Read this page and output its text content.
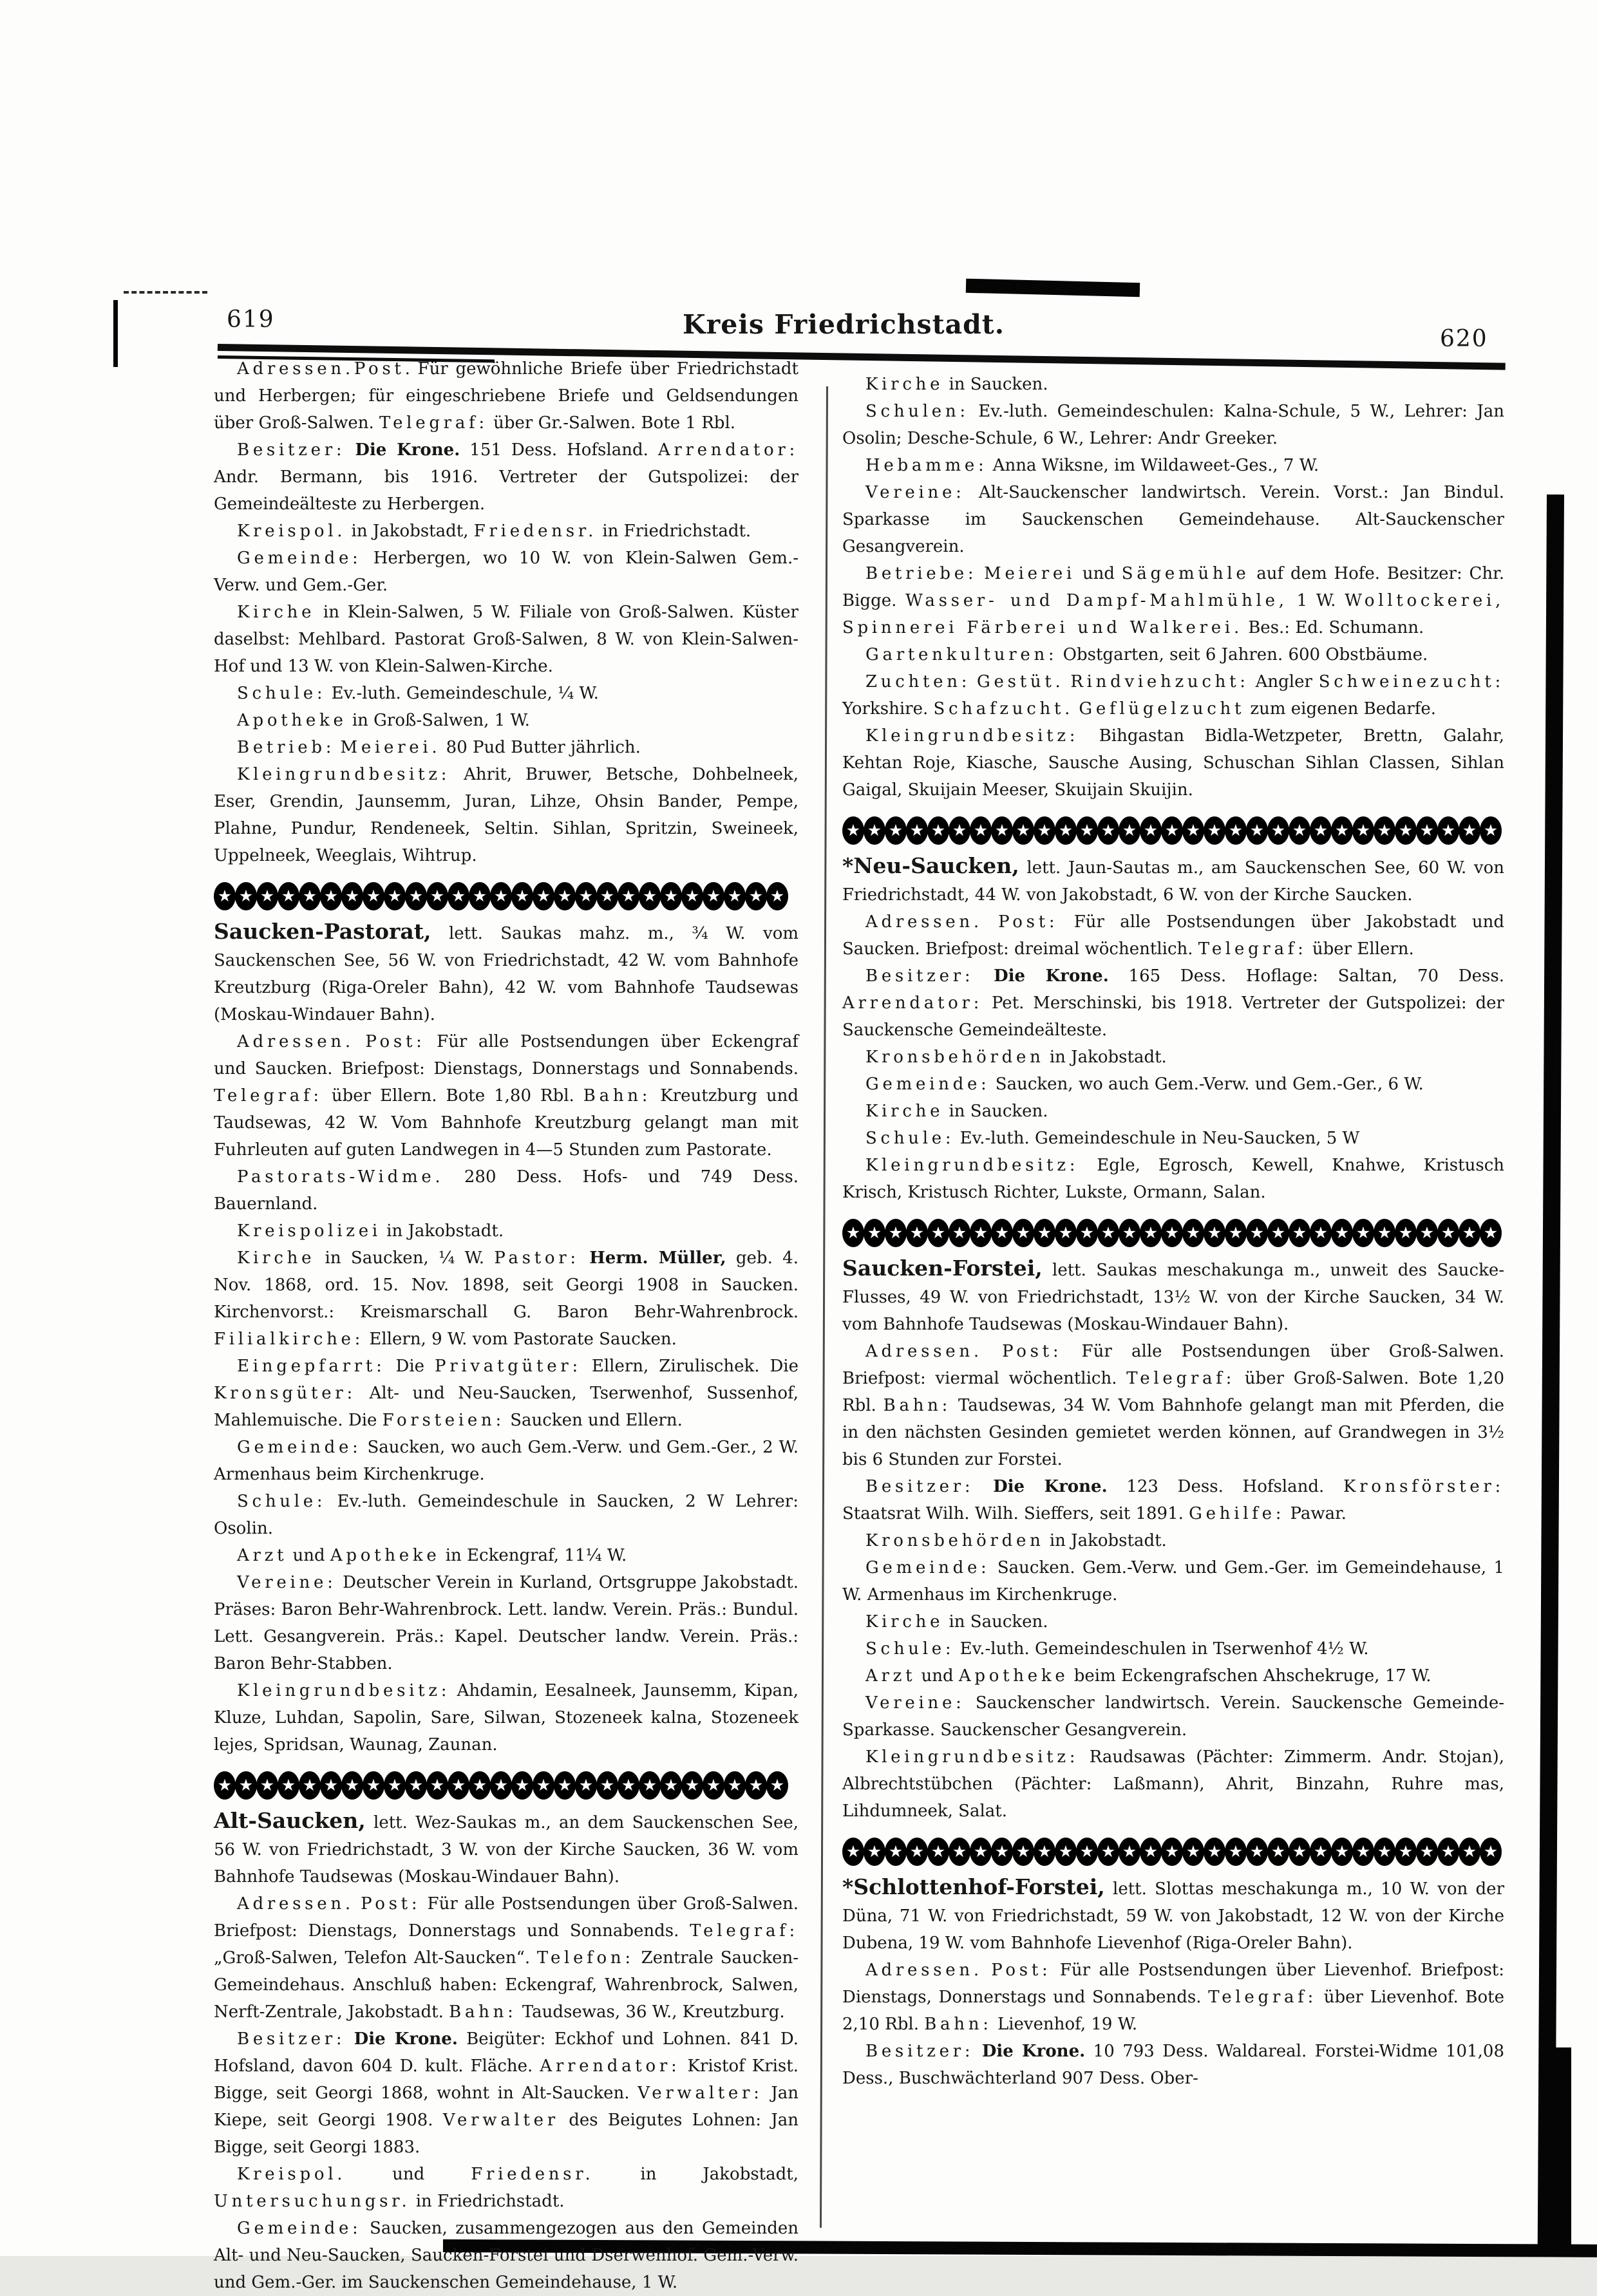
619	Kreis Friedrichstadt.	620

Adressen.Post. Für gewöhnliche Briefe über Friedrichstadt und Herbergen; für eingeschriebene Briefe und Geldsendungen über Groß-Salwen. Telegraf: über Gr.-Salwen. Bote 1 Rbl.

Besitzer: Die Krone. 151 Dess. Hofsland. Arrendator: Andr. Bermann, bis 1916. Vertreter der Gutspolizei: der Gemeindeälteste zu Herbergen.

Kreispol. in Jakobstadt, Friedensr. in Friedrichstadt.

Gemeinde: Herbergen, wo 10 W. von Klein-Salwen Gem.-Verw. und Gem.-Ger.

Kirche in Klein-Salwen, 5 W. Filiale von Groß-Salwen. Küster daselbst: Mehlbard. Pastorat Groß-Salwen, 8 W. von Klein-Salwen-Hof und 13 W. von Klein-Salwen-Kirche.

Schule: Ev.-luth. Gemeindeschule, ¼ W.

Apotheke in Groß-Salwen, 1 W.

Betrieb: Meierei. 80 Pud Butter jährlich.

Kleingrundbesitz: Ahrit, Bruwer, Betsche, Dohbelneek, Eser, Grendin, Jaunsemm, Juran, Lihze, Ohsin Bander, Pempe, Plahne, Pundur, Rendeneek, Seltin. Sihlan, Spritzin, Sweineek, Uppelneek, Weeglais, Wihtrup.

★ ★ ★ ★ ★ ★ ★ ★ ★ ★ ★ ★ ★ ★ ★ ★ ★ ★ ★ ★ ★ ★ ★ ★ ★ ★ ★

Saucken-Pastorat, lett. Saukas mahz. m., ¾ W. vom Sauckenschen See, 56 W. von Friedrichstadt, 42 W. vom Bahnhofe Kreutzburg (Riga-Oreler Bahn), 42 W. vom Bahnhofe Taudsewas (Moskau-Windauer Bahn).

Adressen. Post: Für alle Postsendungen über Eckengraf und Saucken. Briefpost: Dienstags, Donnerstags und Sonnabends. Telegraf: über Ellern. Bote 1,80 Rbl. Bahn: Kreutzburg und Taudsewas, 42 W. Vom Bahnhofe Kreutzburg gelangt man mit Fuhrleuten auf guten Landwegen in 4—5 Stunden zum Pastorate.

Pastorats-Widme. 280 Dess. Hofs- und 749 Dess. Bauernland.

Kreispolizei in Jakobstadt.

Kirche in Saucken, ¼ W. Pastor: Herm. Müller, geb. 4. Nov. 1868, ord. 15. Nov. 1898, seit Georgi 1908 in Saucken. Kirchenvorst.: Kreismarschall G. Baron Behr-Wahrenbrock. Filialkirche: Ellern, 9 W. vom Pastorate Saucken.

Eingepfarrt: Die Privatgüter: Ellern, Zirulischek. Die Kronsgüter: Alt- und Neu-Saucken, Tserwenhof, Sussenhof, Mahlemuische. Die Forsteien: Saucken und Ellern.

Gemeinde: Saucken, wo auch Gem.-Verw. und Gem.-Ger., 2 W. Armenhaus beim Kirchenkruge.

Schule: Ev.-luth. Gemeindeschule in Saucken, 2 W Lehrer: Osolin.

Arzt und Apotheke in Eckengraf, 11¼ W.

Vereine: Deutscher Verein in Kurland, Ortsgruppe Jakobstadt. Präses: Baron Behr-Wahrenbrock. Lett. landw. Verein. Präs.: Bundul. Lett. Gesangverein. Präs.: Kapel. Deutscher landw. Verein. Präs.: Baron Behr-Stabben.

Kleingrundbesitz: Ahdamin, Eesalneek, Jaunsemm, Kipan, Kluze, Luhdan, Sapolin, Sare, Silwan, Stozeneek kalna, Stozeneek lejes, Spridsan, Waunag, Zaunan.

★ ★ ★ ★ ★ ★ ★ ★ ★ ★ ★ ★ ★ ★ ★ ★ ★ ★ ★ ★ ★ ★ ★ ★ ★ ★ ★

Alt-Saucken, lett. Wez-Saukas m., an dem Sauckenschen See, 56 W. von Friedrichstadt, 3 W. von der Kirche Saucken, 36 W. vom Bahnhofe Taudsewas (Moskau-Windauer Bahn).

Adressen. Post: Für alle Postsendungen über Groß-Salwen. Briefpost: Dienstags, Donnerstags und Sonnabends. Telegraf: „Groß-Salwen, Telefon Alt-Saucken“. Telefon: Zentrale Saucken-Gemeindehaus. Anschluß haben: Eckengraf, Wahrenbrock, Salwen, Nerft-Zentrale, Jakobstadt. Bahn: Taudsewas, 36 W., Kreutzburg.

Besitzer: Die Krone. Beigüter: Eckhof und Lohnen. 841 D. Hofsland, davon 604 D. kult. Fläche. Arrendator: Kristof Krist. Bigge, seit Georgi 1868, wohnt in Alt-Saucken. Verwalter: Jan Kiepe, seit Georgi 1908. Verwalter des Beigutes Lohnen: Jan Bigge, seit Georgi 1883.

Kreispol. und Friedensr. in Jakobstadt, Untersuchungsr. in Friedrichstadt.

Gemeinde: Saucken, zusammengezogen aus den Gemeinden Alt- und Neu-Saucken, Saucken-Forstei und Dserwenhof. Gem.-Verw. und Gem.-Ger. im Sauckenschen Gemeindehause, 1 W.

Kirche in Saucken.

Schulen: Ev.-luth. Gemeindeschulen: Kalna-Schule, 5 W., Lehrer: Jan Osolin; Desche-Schule, 6 W., Lehrer: Andr Greeker.

Hebamme: Anna Wiksne, im Wildaweet-Ges., 7 W.

Vereine: Alt-Sauckenscher landwirtsch. Verein. Vorst.: Jan Bindul. Sparkasse im Sauckenschen Gemeindehause. Alt-Sauckenscher Gesangverein.

Betriebe: Meierei und Sägemühle auf dem Hofe. Besitzer: Chr. Bigge. Wasser- und Dampf-Mahlmühle, 1 W. Wolltockerei, Spinnerei Färberei und Walkerei. Bes.: Ed. Schumann.

Gartenkulturen: Obstgarten, seit 6 Jahren. 600 Obstbäume.

Zuchten: Gestüt. Rindviehzucht: Angler Schweinezucht: Yorkshire. Schafzucht. Geflügelzucht zum eigenen Bedarfe.

Kleingrundbesitz: Bihgastan Bidla-Wetzpeter, Brettn, Galahr, Kehtan Roje, Kiasche, Sausche Ausing, Schuschan Sihlan Classen, Sihlan Gaigal, Skuijain Meeser, Skuijain Skuijin.

★ ★ ★ ★ ★ ★ ★ ★ ★ ★ ★ ★ ★ ★ ★ ★ ★ ★ ★ ★ ★ ★ ★ ★ ★ ★ ★ ★ ★ ★ ★

*Neu-Saucken, lett. Jaun-Sautas m., am Sauckenschen See, 60 W. von Friedrichstadt, 44 W. von Jakobstadt, 6 W. von der Kirche Saucken.

Adressen. Post: Für alle Postsendungen über Jakobstadt und Saucken. Briefpost: dreimal wöchentlich. Telegraf: über Ellern.

Besitzer: Die Krone. 165 Dess. Hoflage: Saltan, 70 Dess. Arrendator: Pet. Merschinski, bis 1918. Vertreter der Gutspolizei: der Sauckensche Gemeindeälteste.

Kronsbehörden in Jakobstadt.

Gemeinde: Saucken, wo auch Gem.-Verw. und Gem.-Ger., 6 W.

Kirche in Saucken.

Schule: Ev.-luth. Gemeindeschule in Neu-Saucken, 5 W

Kleingrundbesitz: Egle, Egrosch, Kewell, Knahwe, Kristusch Krisch, Kristusch Richter, Lukste, Ormann, Salan.

★ ★ ★ ★ ★ ★ ★ ★ ★ ★ ★ ★ ★ ★ ★ ★ ★ ★ ★ ★ ★ ★ ★ ★ ★ ★ ★ ★ ★ ★ ★

Saucken-Forstei, lett. Saukas meschakunga m., unweit des Saucke-Flusses, 49 W. von Friedrichstadt, 13½ W. von der Kirche Saucken, 34 W. vom Bahnhofe Taudsewas (Moskau-Windauer Bahn).

Adressen. Post: Für alle Postsendungen über Groß-Salwen. Briefpost: viermal wöchentlich. Telegraf: über Groß-Salwen. Bote 1,20 Rbl. Bahn: Taudsewas, 34 W. Vom Bahnhofe gelangt man mit Pferden, die in den nächsten Gesinden gemietet werden können, auf Grandwegen in 3½ bis 6 Stunden zur Forstei.

Besitzer: Die Krone. 123 Dess. Hofsland. Kronsförster: Staatsrat Wilh. Wilh. Sieffers, seit 1891. Gehilfe: Pawar.

Kronsbehörden in Jakobstadt.

Gemeinde: Saucken. Gem.-Verw. und Gem.-Ger. im Gemeindehause, 1 W. Armenhaus im Kirchenkruge.

Kirche in Saucken.

Schule: Ev.-luth. Gemeindeschulen in Tserwenhof 4½ W.

Arzt und Apotheke beim Eckengrafschen Ahschekruge, 17 W.

Vereine: Sauckenscher landwirtsch. Verein. Sauckensche Gemeinde-Sparkasse. Sauckenscher Gesangverein.

Kleingrundbesitz: Raudsawas (Pächter: Zimmerm. Andr. Stojan), Albrechtstübchen (Pächter: Laßmann), Ahrit, Binzahn, Ruhre mas, Lihdumneek, Salat.

★ ★ ★ ★ ★ ★ ★ ★ ★ ★ ★ ★ ★ ★ ★ ★ ★ ★ ★ ★ ★ ★ ★ ★ ★ ★ ★ ★ ★ ★ ★

*Schlottenhof-Forstei, lett. Slottas meschakunga m., 10 W. von der Düna, 71 W. von Friedrichstadt, 59 W. von Jakobstadt, 12 W. von der Kirche Dubena, 19 W. vom Bahnhofe Lievenhof (Riga-Oreler Bahn).

Adressen. Post: Für alle Postsendungen über Lievenhof. Briefpost: Dienstags, Donnerstags und Sonnabends. Telegraf: über Lievenhof. Bote 2,10 Rbl. Bahn: Lievenhof, 19 W.

Besitzer: Die Krone. 10 793 Dess. Waldareal. Forstei-Widme 101,08 Dess., Buschwächterland 907 Dess. Ober-
